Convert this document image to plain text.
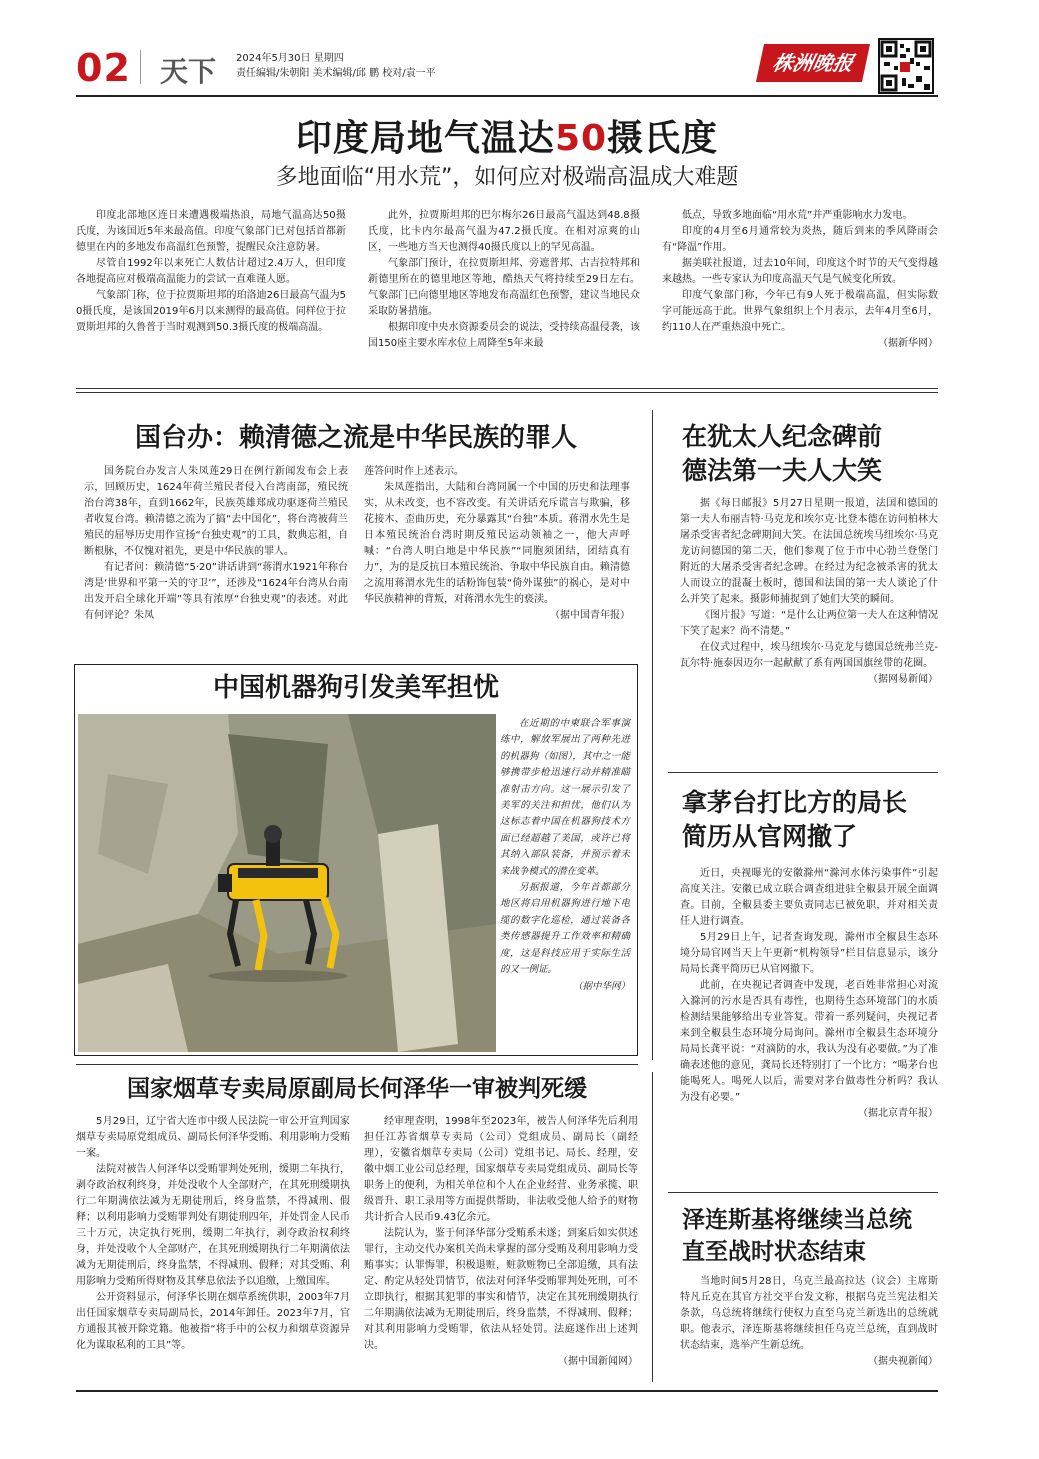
02 天下 2024年5月30日 星期四
责任编辑/朱朝阳 美术编辑/邱 鹏 校对/袁一平	株洲晚报
印度局地气温达50摄氏度
多地面临“用水荒”，如何应对极端高温成大难题

印度北部地区连日来遭遇极端热浪，局地气温高达50摄氏度，为该国近5年来最高值。印度气象部门已对包括首都新德里在内的多地发布高温红色预警，提醒民众注意防暑。

尽管自1992年以来死亡人数估计超过2.4万人，但印度各地提高应对极端高温能力的尝试一直难谨人愿。

气象部门称，位于拉贾斯坦邦的珀洛迪26日最高气温为50摄氏度，是该国2019年6月以来测得的最高值。同样位于拉贾斯坦邦的久鲁普于当时观测到50.3摄氏度的极端高温。

此外，拉贾斯坦邦的巴尔梅尔26日最高气温达到48.8摄氏度，比卡内尔最高气温为47.2摄氏度。在相对凉爽的山区，一些地方当天也测得40摄氏度以上的罕见高温。

气象部门预计，在拉贾斯坦邦、旁遮普邦、古吉拉特邦和新德里所在的德里地区等地，酷热天气将持续至29日左右。气象部门已向德里地区等地发布高温红色预警，建议当地民众采取防暑措施。

根据印度中央水资源委员会的说法，受持续高温侵袭，该国150座主要水库水位上周降至5年来最

低点，导致多地面临“用水荒”并严重影响水力发电。

印度的4月至6月通常较为炎热，随后到来的季风降雨会有“降温”作用。

据美联社报道，过去10年间，印度这个时节的天气变得越来越热。一些专家认为印度高温天气是气候变化所致。

印度气象部门称，今年已有9人死于极端高温，但实际数字可能远高于此。世界气象组织上个月表示，去年4月至6月，约110人在严重热浪中死亡。

（据新华网）

国台办：赖清德之流是中华民族的罪人

国务院台办发言人朱凤莲29日在例行新闻发布会上表示，回顾历史，1624年荷兰殖民者侵入台湾南部，殖民统治台湾38年，直到1662年，民族英雄郑成功驱逐荷兰殖民者收复台湾。赖清德之流为了搞“去中国化”，将台湾被荷兰殖民的屈辱历史用作宣扬“台独史观”的工具，数典忘祖，自断根脉，不仅愧对祖先，更是中华民族的罪人。

有记者问：赖清德“5·20”讲话讲到“蒋渭水1921年称台湾是‘世界和平第一关的守卫’”，还涉及“1624年台湾从台南出发开启全球化开端”等具有浓厚“台独史观”的表述。对此有何评论？朱凤

莲答问时作上述表示。

朱凤莲指出，大陆和台湾同属一个中国的历史和法理事实，从未改变，也不容改变。有关讲话充斥谎言与欺骗，移花接木、歪曲历史，充分暴露其“台独”本质。蒋渭水先生是日本殖民统治台湾时期反殖民运动领袖之一，他大声呼喊：“台湾人明白地是中华民族”“同胞须团结，团结真有力”，为的是反抗日本殖民统治、争取中华民族自由。赖清德之流用蒋渭水先生的话粉饰包装“倚外谋独”的祸心，是对中华民族精神的背叛，对蒋渭水先生的亵渎。

（据中国青年报）

中国机器狗引发美军担忧

在近期的中柬联合军事演练中，解放军展出了两种先进的机器狗（如图），其中之一能够携带步枪迅速行动并精准瞄准射击方向。这一展示引发了美军的关注和担忧，他们认为这标志着中国在机器狗技术方面已经超越了美国，或许已将其纳入部队装备，并预示着未来战争模式的潜在变革。

另据报道，今年首都部分地区将启用机器狗进行地下电缆的数字化巡检，通过装备各类传感器提升工作效率和精确度，这是科技应用于实际生活的又一例证。

（据中华网）

国家烟草专卖局原副局长何泽华一审被判死缓

5月29日，辽宁省大连市中级人民法院一审公开宣判国家烟草专卖局原党组成员、副局长何泽华受贿、利用影响力受贿一案。

法院对被告人何泽华以受贿罪判处死刑，缓期二年执行，剥夺政治权利终身，并处没收个人全部财产，在其死刑缓期执行二年期满依法减为无期徒刑后，终身监禁，不得减刑、假释；以利用影响力受贿罪判处有期徒刑四年，并处罚金人民币三十万元，决定执行死刑，缓期二年执行，剥夺政治权利终身，并处没收个人全部财产，在其死刑缓期执行二年期满依法减为无期徒刑后，终身监禁，不得减刑、假释；对其受贿、利用影响力受贿所得财物及其孳息依法予以追缴，上缴国库。

公开资料显示，何泽华长期在烟草系统供职，2003年7月出任国家烟草专卖局副局长，2014年卸任。2023年7月，官方通报其被开除党籍。他被指“将手中的公权力和烟草资源异化为谋取私利的工具”等。

经审理查明，1998年至2023年，被告人何泽华先后利用担任江苏省烟草专卖局（公司）党组成员、副局长（副经理），安徽省烟草专卖局（公司）党组书记、局长、经理，安徽中烟工业公司总经理，国家烟草专卖局党组成员、副局长等职务上的便利，为相关单位和个人在企业经营、业务承揽、职级晋升、职工录用等方面提供帮助，非法收受他人给予的财物共计折合人民币9.43亿余元。

法院认为，鉴于何泽华部分受贿系未遂；到案后如实供述罪行，主动交代办案机关尚未掌握的部分受贿及利用影响力受贿事实；认罪悔罪，积极退赃，赃款赃物已全部追缴，具有法定、酌定从轻处罚情节，依法对何泽华受贿罪判处死刑，可不立即执行，根据其犯罪的事实和情节，决定在其死刑缓期执行二年期满依法减为无期徒刑后，终身监禁，不得减刑、假释；对其利用影响力受贿罪，依法从轻处罚。法庭遂作出上述判决。

（据中国新闻网）

在犹太人纪念碑前
德法第一夫人大笑

据《每日邮报》5月27日星期一报道，法国和德国的第一夫人布丽吉特·马克龙和埃尔克·比登本德在访问柏林大屠杀受害者纪念碑期间大笑。在法国总统埃马纽埃尔·马克龙访问德国的第二天，他们参观了位于市中心勃兰登堡门附近的大屠杀受害者纪念碑。在经过为纪念被杀害的犹太人而设立的混凝土板时，德国和法国的第一夫人谈论了什么并笑了起来。摄影师捕捉到了她们大笑的瞬间。

《图片报》写道：“是什么让两位第一夫人在这种情况下笑了起来？尚不清楚。”

在仪式过程中，埃马纽埃尔·马克龙与德国总统弗兰克-瓦尔特·施泰因迈尔一起献献了系有两国国旗丝带的花圈。

（据网易新闻）

拿茅台打比方的局长
简历从官网撤了

近日，央视曝光的安徽滁州“滁河水体污染事件”引起高度关注。安徽已成立联合调查组进驻全椒县开展全面调查。目前，全椒县委主要负责同志已被免职，并对相关责任人进行调查。

5月29日上午，记者查询发现，滁州市全椒县生态环境分局官网当天上午更新“机构领导”栏目信息显示，该分局局长龚平简历已从官网撤下。

此前，在央视记者调查中发现，老百姓非常担心对流入滁河的污水是否具有毒性，也期待生态环境部门的水质检测结果能够给出专业答复。带着一系列疑问，央视记者来到全椒县生态环境分局询问。滁州市全椒县生态环境分局局长龚平说：“对滴防的水，我认为没有必要做。”为了准确表述他的意见，龚局长还特别打了一个比方：“喝茅台也能喝死人。喝死人以后，需要对茅台做毒性分析吗？我认为没有必要。”

（据北京青年报）

泽连斯基将继续当总统
直至战时状态结束

当地时间5月28日，乌克兰最高拉达（议会）主席斯特凡丘克在其官方社交平台发文称，根据乌克兰宪法相关条款，乌总统将继续行使权力直至乌克兰新选出的总统就职。他表示，泽连斯基将继续担任乌克兰总统，直到战时状态结束，选举产生新总统。

（据央视新闻）
